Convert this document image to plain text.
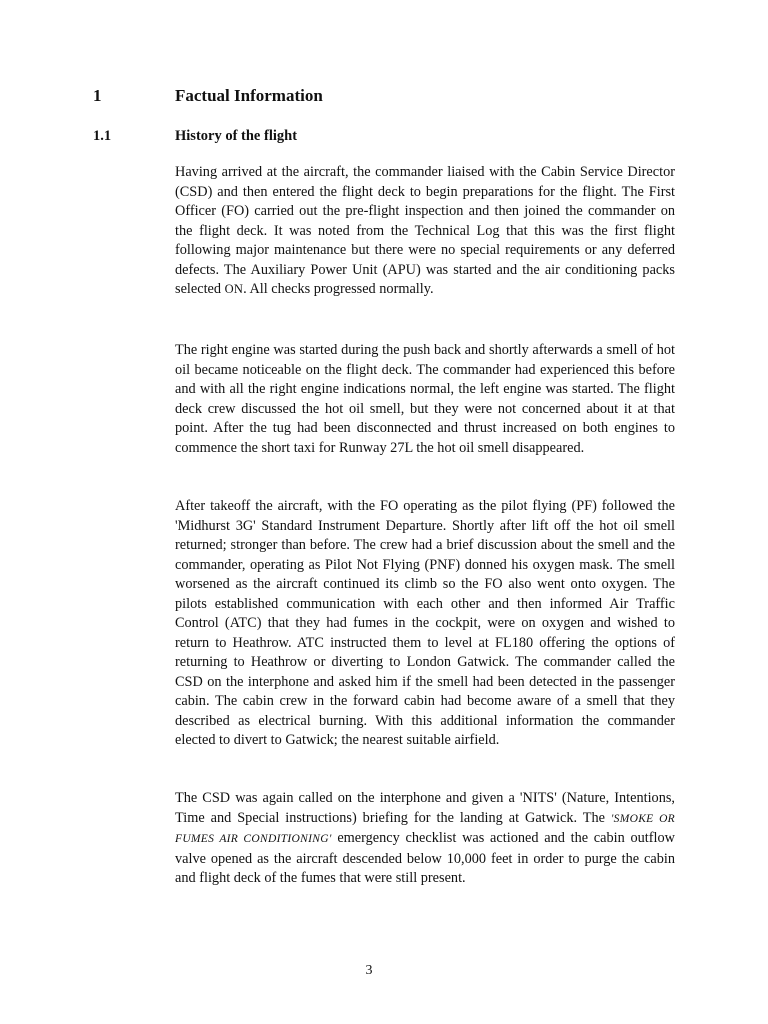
1	Factual Information
1.1	History of the flight

Having arrived at the aircraft, the commander liaised with the Cabin Service Director (CSD) and then entered the flight deck to begin preparations for the flight. The First Officer (FO) carried out the pre-flight inspection and then joined the commander on the flight deck. It was noted from the Technical Log that this was the first flight following major maintenance but there were no special requirements or any deferred defects. The Auxiliary Power Unit (APU) was started and the air conditioning packs selected ON. All checks progressed normally.

The right engine was started during the push back and shortly afterwards a smell of hot oil became noticeable on the flight deck. The commander had experienced this before and with all the right engine indications normal, the left engine was started. The flight deck crew discussed the hot oil smell, but they were not concerned about it at that point. After the tug had been disconnected and thrust increased on both engines to commence the short taxi for Runway 27L the hot oil smell disappeared.

After takeoff the aircraft, with the FO operating as the pilot flying (PF) followed the 'Midhurst 3G' Standard Instrument Departure. Shortly after lift off the hot oil smell returned; stronger than before. The crew had a brief discussion about the smell and the commander, operating as Pilot Not Flying (PNF) donned his oxygen mask. The smell worsened as the aircraft continued its climb so the FO also went onto oxygen. The pilots established communication with each other and then informed Air Traffic Control (ATC) that they had fumes in the cockpit, were on oxygen and wished to return to Heathrow. ATC instructed them to level at FL180 offering the options of returning to Heathrow or diverting to London Gatwick. The commander called the CSD on the interphone and asked him if the smell had been detected in the passenger cabin. The cabin crew in the forward cabin had become aware of a smell that they described as electrical burning. With this additional information the commander elected to divert to Gatwick; the nearest suitable airfield.

The CSD was again called on the interphone and given a 'NITS' (Nature, Intentions, Time and Special instructions) briefing for the landing at Gatwick. The 'SMOKE OR FUMES AIR CONDITIONING' emergency checklist was actioned and the cabin outflow valve opened as the aircraft descended below 10,000 feet in order to purge the cabin and flight deck of the fumes that were still present.

3
